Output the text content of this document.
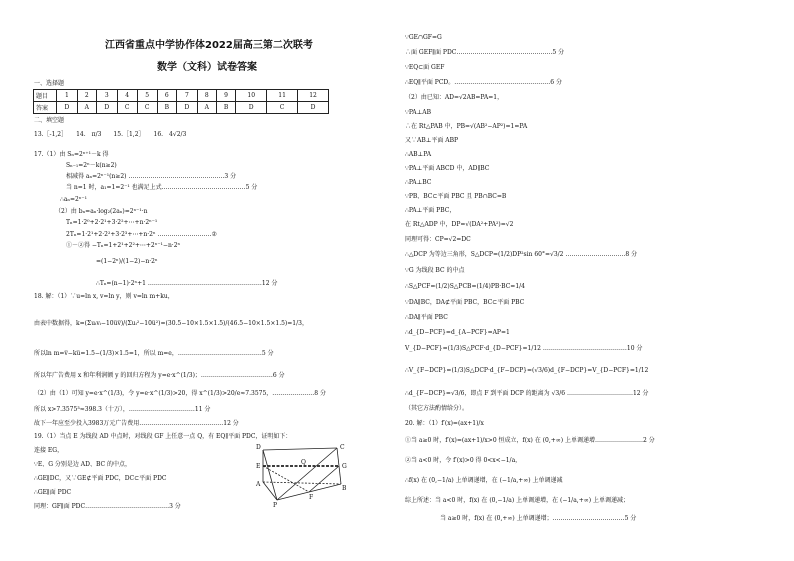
江西省重点中学协作体2022届高三第二次联考
数学（文科）试卷答案
一、选择题
题目	1	2	3	4	5	6	7	8	9	10	11	12
答案	D	A	D	C	C	B	D	A	B	D	C	D
二、填空题
13.［-1,2］　　14.　π/3　　15.［1,2］　　16.　4√2/3
17.（1）由 Sₙ=2ⁿ⁺¹－k 得
Sₙ₋₁=2ⁿ－k(n≥2)
相减得 aₙ=2ⁿ⁻¹(n≥2) …………………………………………3 分
当 n=1 时，a₁=1=2⁻¹ 也满足上式……………………………………5 分
∴aₙ=2ⁿ⁻¹
（2）由 bₙ=aₙ·log₂(2aₙ)=2ⁿ⁻¹·n
Tₙ=1·2⁰+2·2¹+3·2²+⋯+n·2ⁿ⁻¹
2Tₙ=1·2¹+2·2²+3·2³+⋯+n·2ⁿ ………………………②
①－②得 −Tₙ=1+2¹+2²+⋯+2ⁿ⁻¹−n·2ⁿ
=(1−2ⁿ)/(1−2)−n·2ⁿ
∴Tₙ=(n−1)·2ⁿ+1 …………………………………………………12 分
18. 解：（1）∵u=ln x, v=ln y，则 v=ln m+ku，
由表中数据得，k=(Σuᵢvᵢ−10u̅v̅)/(Σuᵢ²−10u̅²)=(30.5−10×1.5×1.5)/(46.5−10×1.5×1.5)=1/3，
所以ln m=v̅−ku̅=1.5−(1/3)×1.5=1，所以 m=e，……………………………………5 分
所以年广告费用 x 和年利润额 y 的回归方程为 y=e·x^(1/3)；………………………………6 分
（2）由（1）可知 y=e·x^(1/3)，令 y=e·x^(1/3)>20，得 x^(1/3)>20/e≈7.3575，…………………8 分
所以 x>7.3575³≈398.3（十万），……………………………11 分
故下一年应至少投入3983万元广告费用……………………………………12 分
19.（1）当点 E 为线段 AD 中点时，对线段 GF 上任意一点 Q，有 EQ∥平面 PDC，证明如下：
连接 EG，
∵E、G 分别是边 AD、BC 的中点，
∴GE∥DC，又∵GE⊄平面 PDC，DC⊂平面 PDC
∴GE∥面 PDC
同理：GF∥面 PDC……………………………………3 分
D
E
Q
C
G
A
F
B
P
∵GE∩GF=G
∴面 GEF∥面 PDC…………………………………………5 分
∵EQ⊂面 GEF
∴EQ∥平面 PCD。…………………………………………6 分
（2）由已知：AD=√2AB=PA=1，
∵PA⊥AB
∴在 Rt△PAB 中，PB=√(AB²−AP²)=1=PA
又∵AB⊥平面 ABP
∴AB⊥PA
∵PA⊥平面 ABCD 中，AD∥BC
∴PA⊥BC
∵PB、BC⊂平面 PBC 且 PB∩BC=B
∴PA⊥平面 PBC，
在 Rt△ADP 中，DP=√(DA²+PA²)=√2
同理可得：CP=√2=DC
∴△DCP 为等边三角形，S△DCP=(1/2)DP²sin 60°=√3/2 …………………………8 分
∵G 为线段 BC 的中点
∴S△PCF=(1/2)S△PCB=(1/4)PB·BC=1/4
∵DA∥BC，DA⊄平面 PBC，BC⊂平面 PBC
∴DA∥平面 PBC
∴d_{D−PCF}=d_{A−PCF}=AP=1
V_{D−PCF}=(1/3)S△PCF·d_{D−PCF}=1/12 ……………………………………10 分
∴V_{F−DCP}=(1/3)S△DCP·d_{F−DCP}=(√3/6)d_{F−DCP}=V_{D−PCF}=1/12
∴d_{F−DCP}=√3/6，即点 F 到平面 DCP 的距离为 √3/6 ……………………………12 分
（其它方法酌情给分）。
20. 解：（1）f′(x)=(ax+1)/x
①当 a≥0 时，f′(x)=(ax+1)/x>0 恒成立，f(x) 在 (0,+∞) 上单调递增……………………2 分
②当 a<0 时，令 f′(x)>0 得 0<x<−1/a，
∴f(x) 在 (0,−1/a) 上单调递增，在 (−1/a,+∞) 上单调递减
综上所述：当 a<0 时，f(x) 在 (0,−1/a) 上单调递增，在 (−1/a,+∞) 上单调递减；
当 a≥0 时，f(x) 在 (0,+∞) 上单调递增；………………………………5 分
